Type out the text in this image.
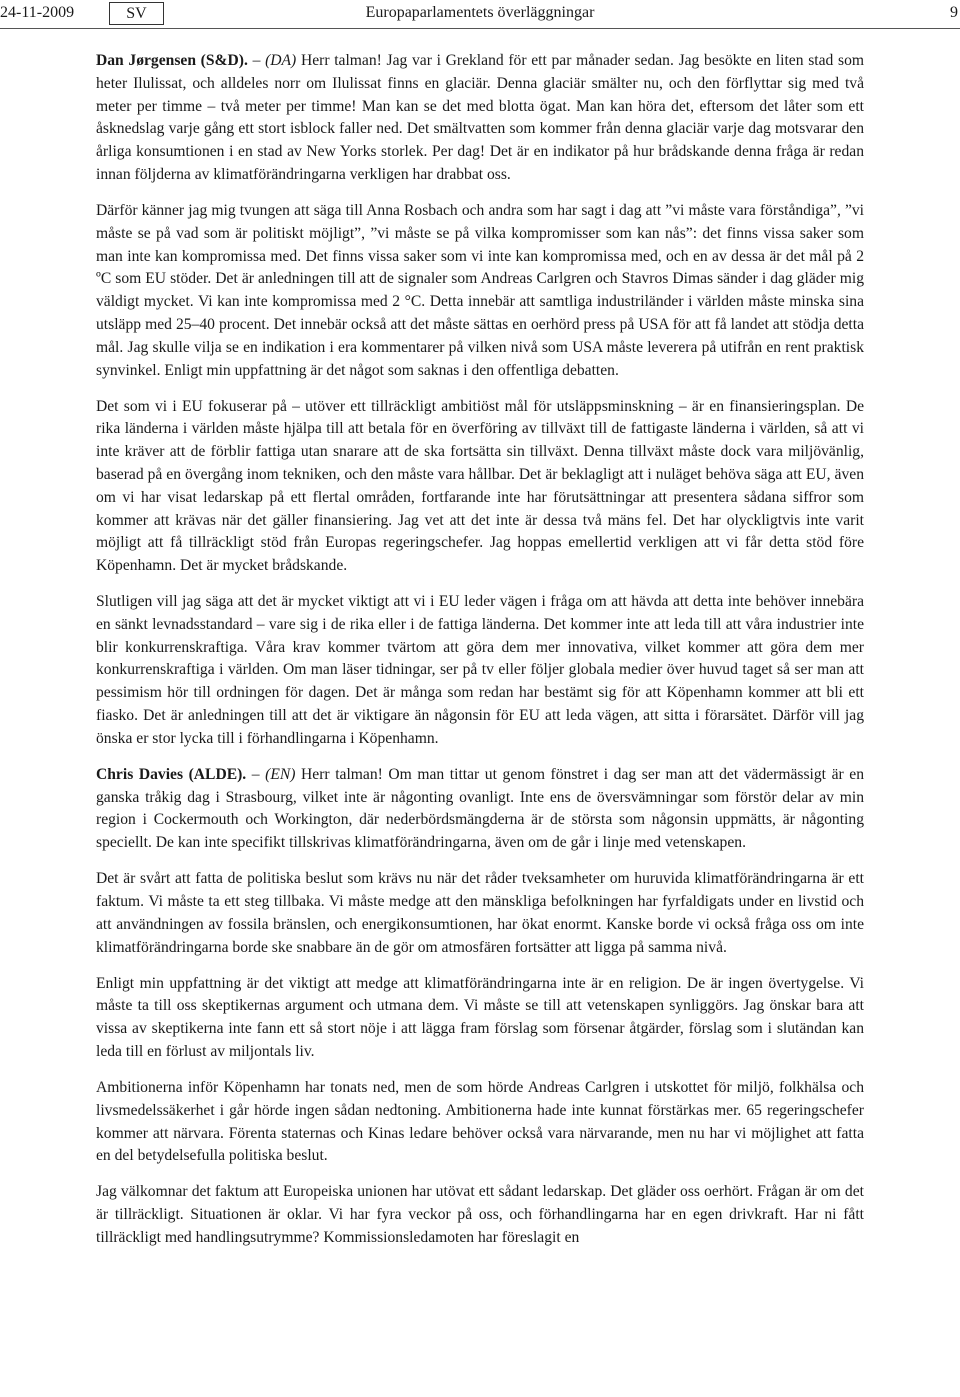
24-11-2009	SV	Europaparlamentets överläggningar	9

Dan Jørgensen (S&D). – (DA) Herr talman! Jag var i Grekland för ett par månader sedan. Jag besökte en liten stad som heter Ilulissat, och alldeles norr om Ilulissat finns en glaciär. Denna glaciär smälter nu, och den förflyttar sig med två meter per timme – två meter per timme! Man kan se det med blotta ögat. Man kan höra det, eftersom det låter som ett åsknedslag varje gång ett stort isblock faller ned. Det smältvatten som kommer från denna glaciär varje dag motsvarar den årliga konsumtionen i en stad av New Yorks storlek. Per dag! Det är en indikator på hur brådskande denna fråga är redan innan följderna av klimatförändringarna verkligen har drabbat oss.

Därför känner jag mig tvungen att säga till Anna Rosbach och andra som har sagt i dag att ”vi måste vara förståndiga”, ”vi måste se på vad som är politiskt möjligt”, ”vi måste se på vilka kompromisser som kan nås”: det finns vissa saker som man inte kan kompromissa med. Det finns vissa saker som vi inte kan kompromissa med, och en av dessa är det mål på 2 ºC som EU stöder. Det är anledningen till att de signaler som Andreas Carlgren och Stavros Dimas sänder i dag gläder mig väldigt mycket. Vi kan inte kompromissa med 2 °C. Detta innebär att samtliga industriländer i världen måste minska sina utsläpp med 25–40 procent. Det innebär också att det måste sättas en oerhörd press på USA för att få landet att stödja detta mål. Jag skulle vilja se en indikation i era kommentarer på vilken nivå som USA måste leverera på utifrån en rent praktisk synvinkel. Enligt min uppfattning är det något som saknas i den offentliga debatten.

Det som vi i EU fokuserar på – utöver ett tillräckligt ambitiöst mål för utsläppsminskning – är en finansieringsplan. De rika länderna i världen måste hjälpa till att betala för en överföring av tillväxt till de fattigaste länderna i världen, så att vi inte kräver att de förblir fattiga utan snarare att de ska fortsätta sin tillväxt. Denna tillväxt måste dock vara miljövänlig, baserad på en övergång inom tekniken, och den måste vara hållbar. Det är beklagligt att i nuläget behöva säga att EU, även om vi har visat ledarskap på ett flertal områden, fortfarande inte har förutsättningar att presentera sådana siffror som kommer att krävas när det gäller finansiering. Jag vet att det inte är dessa två mäns fel. Det har olyckligtvis inte varit möjligt att få tillräckligt stöd från Europas regeringschefer. Jag hoppas emellertid verkligen att vi får detta stöd före Köpenhamn. Det är mycket brådskande.

Slutligen vill jag säga att det är mycket viktigt att vi i EU leder vägen i fråga om att hävda att detta inte behöver innebära en sänkt levnadsstandard – vare sig i de rika eller i de fattiga länderna. Det kommer inte att leda till att våra industrier inte blir konkurrenskraftiga. Våra krav kommer tvärtom att göra dem mer innovativa, vilket kommer att göra dem mer konkurrenskraftiga i världen. Om man läser tidningar, ser på tv eller följer globala medier över huvud taget så ser man att pessimism hör till ordningen för dagen. Det är många som redan har bestämt sig för att Köpenhamn kommer att bli ett fiasko. Det är anledningen till att det är viktigare än någonsin för EU att leda vägen, att sitta i förarsätet. Därför vill jag önska er stor lycka till i förhandlingarna i Köpenhamn.

Chris Davies (ALDE). – (EN) Herr talman! Om man tittar ut genom fönstret i dag ser man att det vädermässigt är en ganska tråkig dag i Strasbourg, vilket inte är någonting ovanligt. Inte ens de översvämningar som förstör delar av min region i Cockermouth och Workington, där nederbördsmängderna är de största som någonsin uppmätts, är någonting speciellt. De kan inte specifikt tillskrivas klimatförändringarna, även om de går i linje med vetenskapen.

Det är svårt att fatta de politiska beslut som krävs nu när det råder tveksamheter om huruvida klimatförändringarna är ett faktum. Vi måste ta ett steg tillbaka. Vi måste medge att den mänskliga befolkningen har fyrfaldigats under en livstid och att användningen av fossila bränslen, och energikonsumtionen, har ökat enormt. Kanske borde vi också fråga oss om inte klimatförändringarna borde ske snabbare än de gör om atmosfären fortsätter att ligga på samma nivå.

Enligt min uppfattning är det viktigt att medge att klimatförändringarna inte är en religion. De är ingen övertygelse. Vi måste ta till oss skeptikernas argument och utmana dem. Vi måste se till att vetenskapen synliggörs. Jag önskar bara att vissa av skeptikerna inte fann ett så stort nöje i att lägga fram förslag som försenar åtgärder, förslag som i slutändan kan leda till en förlust av miljontals liv.

Ambitionerna inför Köpenhamn har tonats ned, men de som hörde Andreas Carlgren i utskottet för miljö, folkhälsa och livsmedelssäkerhet i går hörde ingen sådan nedtoning. Ambitionerna hade inte kunnat förstärkas mer. 65 regeringschefer kommer att närvara. Förenta staternas och Kinas ledare behöver också vara närvarande, men nu har vi möjlighet att fatta en del betydelsefulla politiska beslut.

Jag välkomnar det faktum att Europeiska unionen har utövat ett sådant ledarskap. Det gläder oss oerhört. Frågan är om det är tillräckligt. Situationen är oklar. Vi har fyra veckor på oss, och förhandlingarna har en egen drivkraft. Har ni fått tillräckligt med handlingsutrymme? Kommissionsledamoten har föreslagit en
